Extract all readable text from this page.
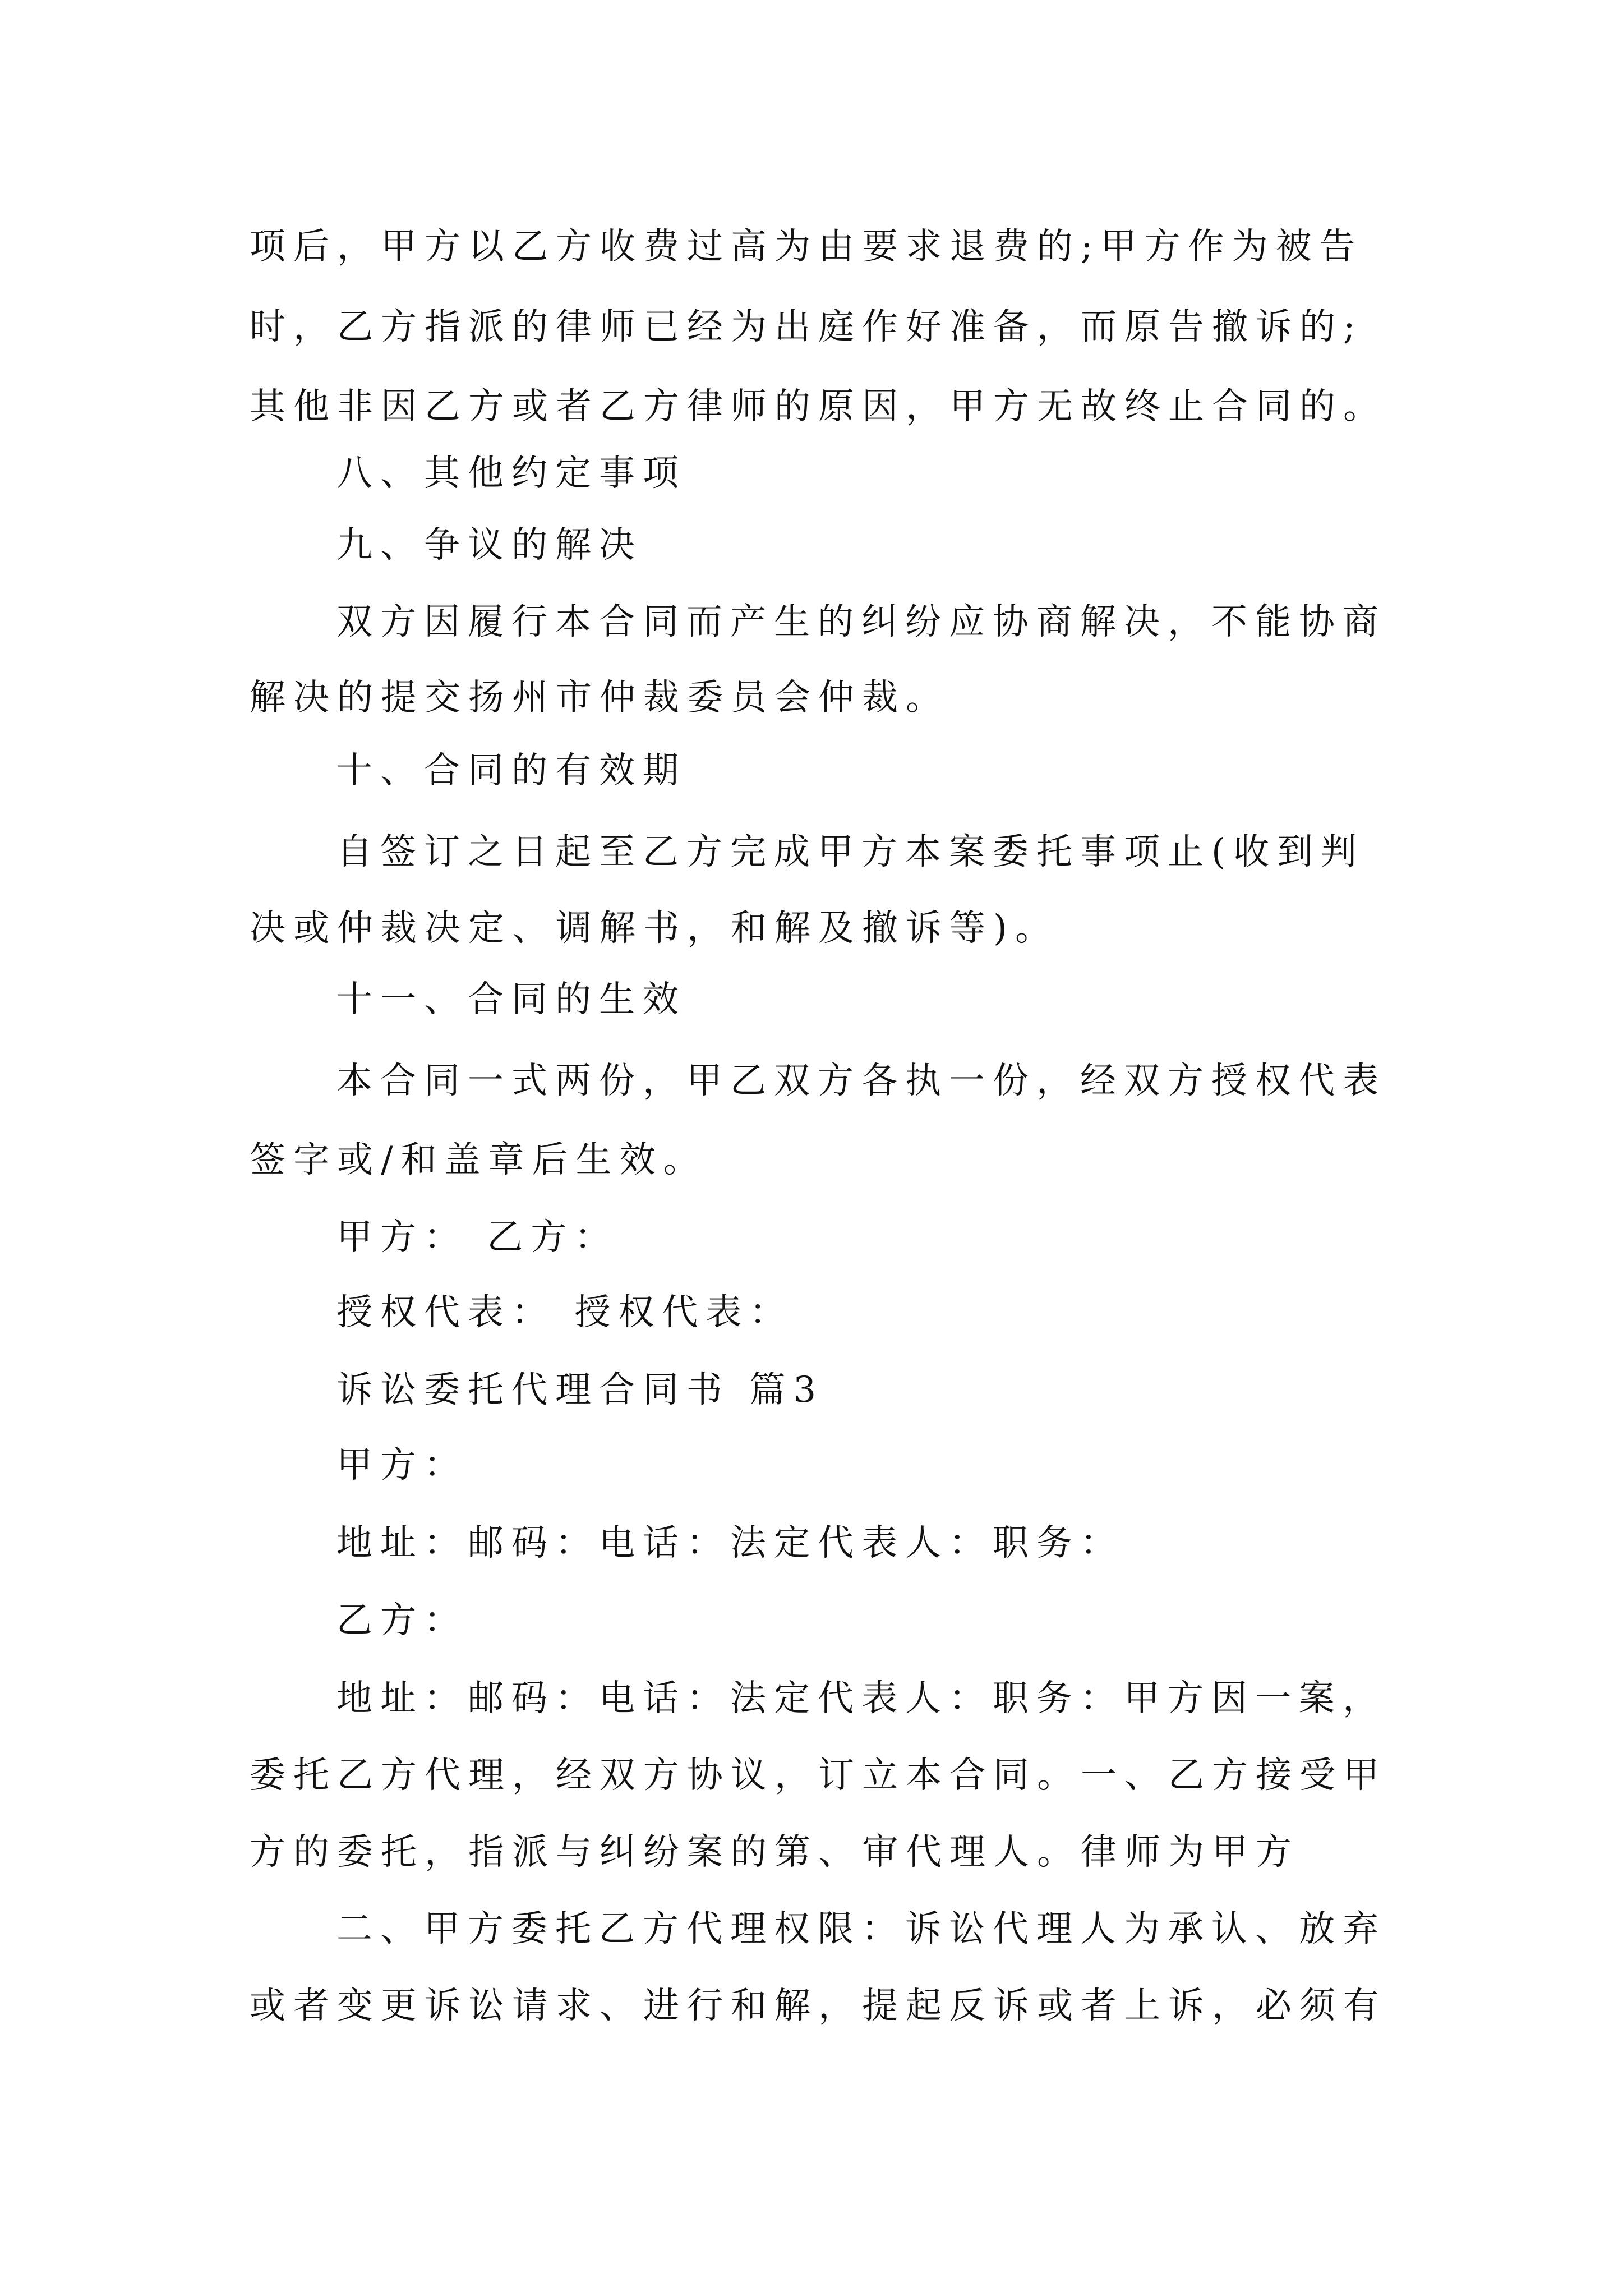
项后，甲方以乙方收费过高为由要求退费的;甲方作为被告
时，乙方指派的律师已经为出庭作好准备，而原告撤诉的;
其他非因乙方或者乙方律师的原因，甲方无故终止合同的。
八、其他约定事项
九、争议的解决
双方因履行本合同而产生的纠纷应协商解决，不能协商
解决的提交扬州市仲裁委员会仲裁。
十、合同的有效期
自签订之日起至乙方完成甲方本案委托事项止(收到判
决或仲裁决定、调解书，和解及撤诉等)。
十一、合同的生效
本合同一式两份，甲乙双方各执一份，经双方授权代表
签字或/和盖章后生效。
甲方： 乙方：
授权代表： 授权代表：
诉讼委托代理合同书 篇3
甲方：
地址：邮码：电话：法定代表人：职务：
乙方：
地址：邮码：电话：法定代表人：职务：甲方因一案，
委托乙方代理，经双方协议，订立本合同。一、乙方接受甲
方的委托，指派与纠纷案的第、审代理人。律师为甲方
二、甲方委托乙方代理权限：诉讼代理人为承认、放弃
或者变更诉讼请求、进行和解，提起反诉或者上诉，必须有
